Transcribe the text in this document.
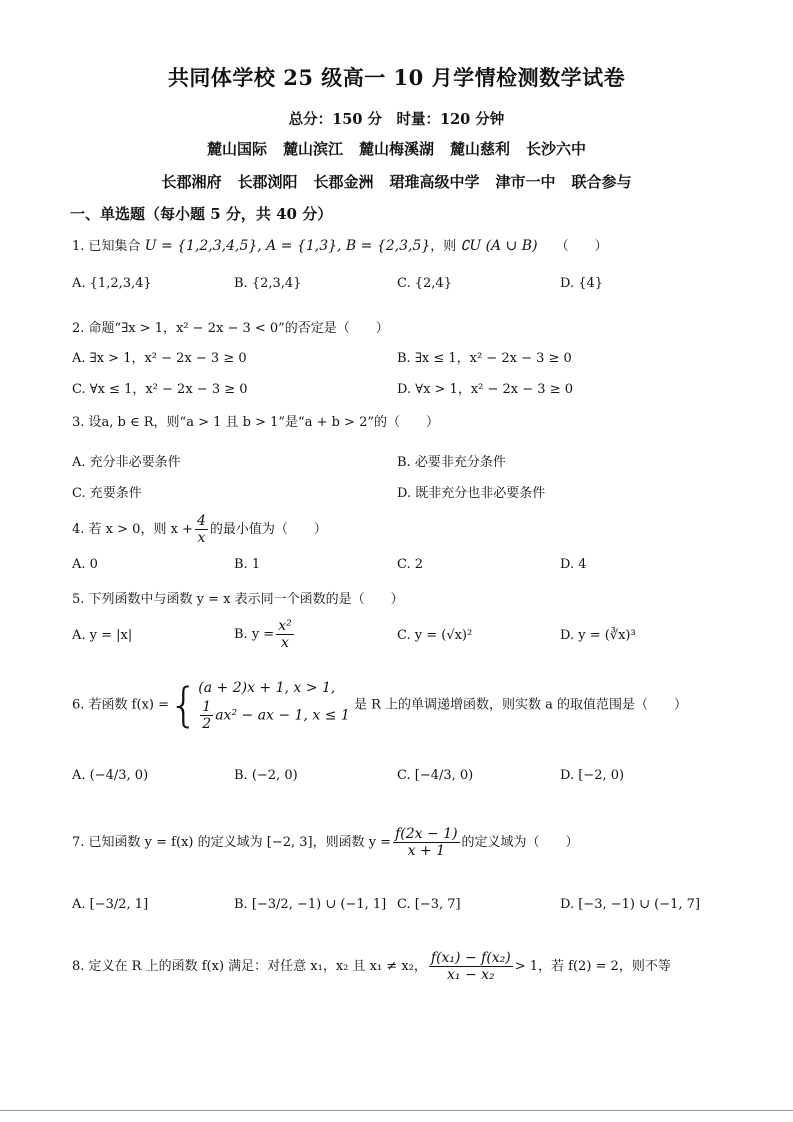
共同体学校 25 级高一 10 月学情检测数学试卷
总分：150 分　时量：120 分钟
麓山国际 麓山滨江 麓山梅溪湖 麓山慈利 长沙六中
长郡湘府 长郡浏阳 长郡金洲 珺琟高级中学 津市一中 联合参与
一、单选题（每小题 5 分，共 40 分）
1. 已知集合 U = {1,2,3,4,5}, A = {1,3}, B = {2,3,5}，则 ∁U (A ∪ B) （　　）
A. {1,2,3,4}	B. {2,3,4}	C. {2,4}	D. {4}
2. 命题“∃x > 1，x² − 2x − 3 < 0”的否定是（　　）
A. ∃x > 1，x² − 2x − 3 ≥ 0	B. ∃x ≤ 1，x² − 2x − 3 ≥ 0
C. ∀x ≤ 1，x² − 2x − 3 ≥ 0	D. ∀x > 1，x² − 2x − 3 ≥ 0
3. 设a, b ∈ R，则“a > 1 且 b > 1”是“a + b > 2”的（　　）
A. 充分非必要条件	B. 必要非充分条件
C. 充要条件	D. 既非充分也非必要条件
4. 若 x > 0，则 $x + \frac{4}{x}$ 的最小值为（　　）
A. 0	B. 1	C. 2	D. 4
5. 下列函数中与函数 y = x 表示同一个函数的是（　　）
A. y = |x|	B. $y = \frac{\text{x²}}{x}$	C. y = (√x)²	D. y = (∛x)³
6. 若函数 f(x) ={ (a + 2)x + 1, x > 1,
$\frac{1}{2} ax^2$ − ax − 1, x ≤ 1
是 R 上的单调递增函数，则实数 a 的取值范围是（　　）
A. (−4/3, 0)	B. (−2, 0)	C. [−4/3, 0)	D. [−2, 0)
7. 已知函数 y = f(x) 的定义域为 [−2, 3]，则函数 $y = \frac{f(2x - 1)}{x + 1}$ 的定义域为（　　）
A. [−3/2, 1]	B. [−3/2, −1) ∪ (−1, 1] C. [−3, 7]	D. [−3, −1) ∪ (−1, 7]
8. 定义在 R 上的函数 f(x) 满足：对任意 x₁，x₂ 且 x₁ ≠ x₂， $\frac{\text{f(x₁) − f(x₂)}}{\text{x₁ − x₂}} > 1$，若 f(2) = 2，则不等
